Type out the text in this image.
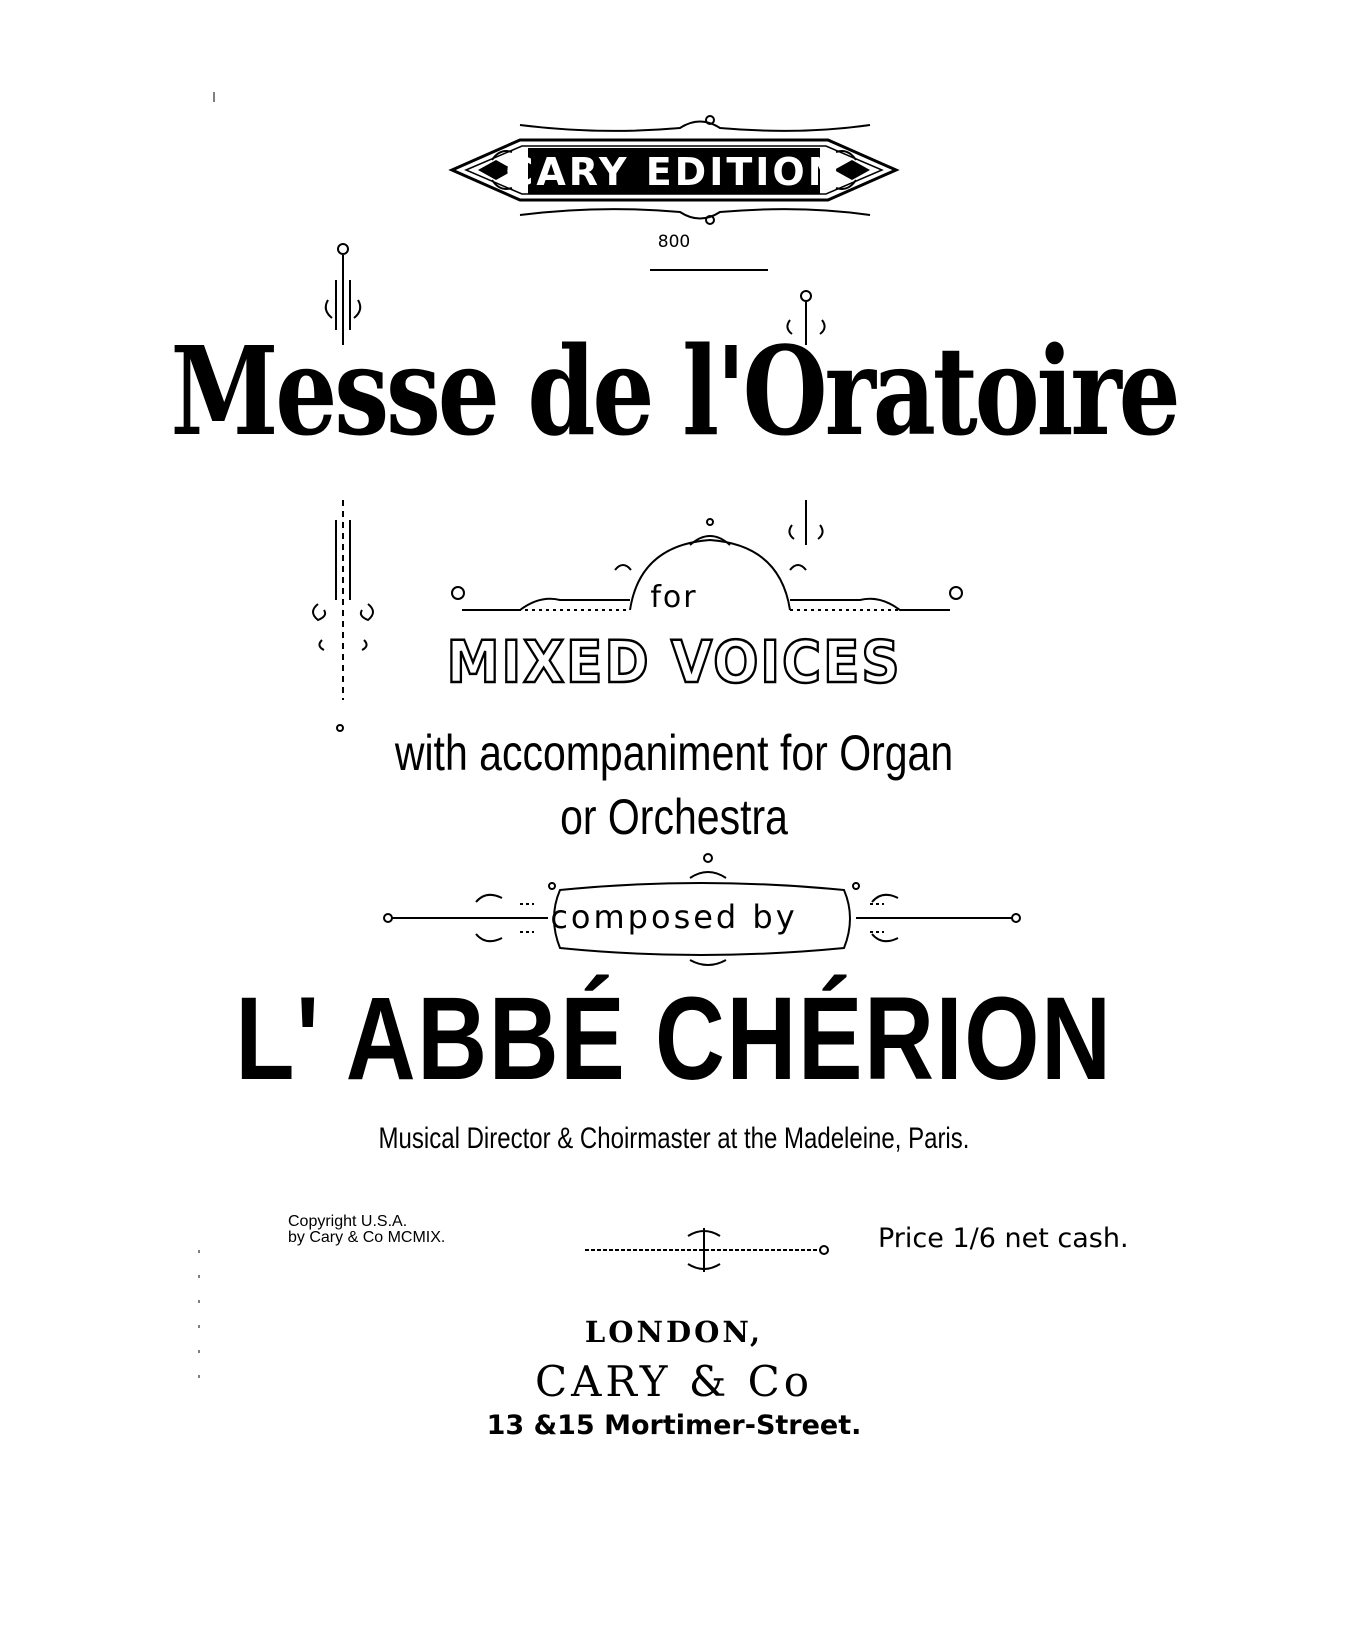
CARY EDITION
800
Messe de l'Oratoire
for
MIXED VOICES
with accompaniment for Organ
or Orchestra
composed by
L' ABBÉ CHÉRION
Musical Director & Choirmaster at the Madeleine, Paris.
Copyright U.S.A.
by Cary & Co MCMIX.	Price 1/6 net cash.
LONDON,
CARY & Co
13 &15 Mortimer-Street.
